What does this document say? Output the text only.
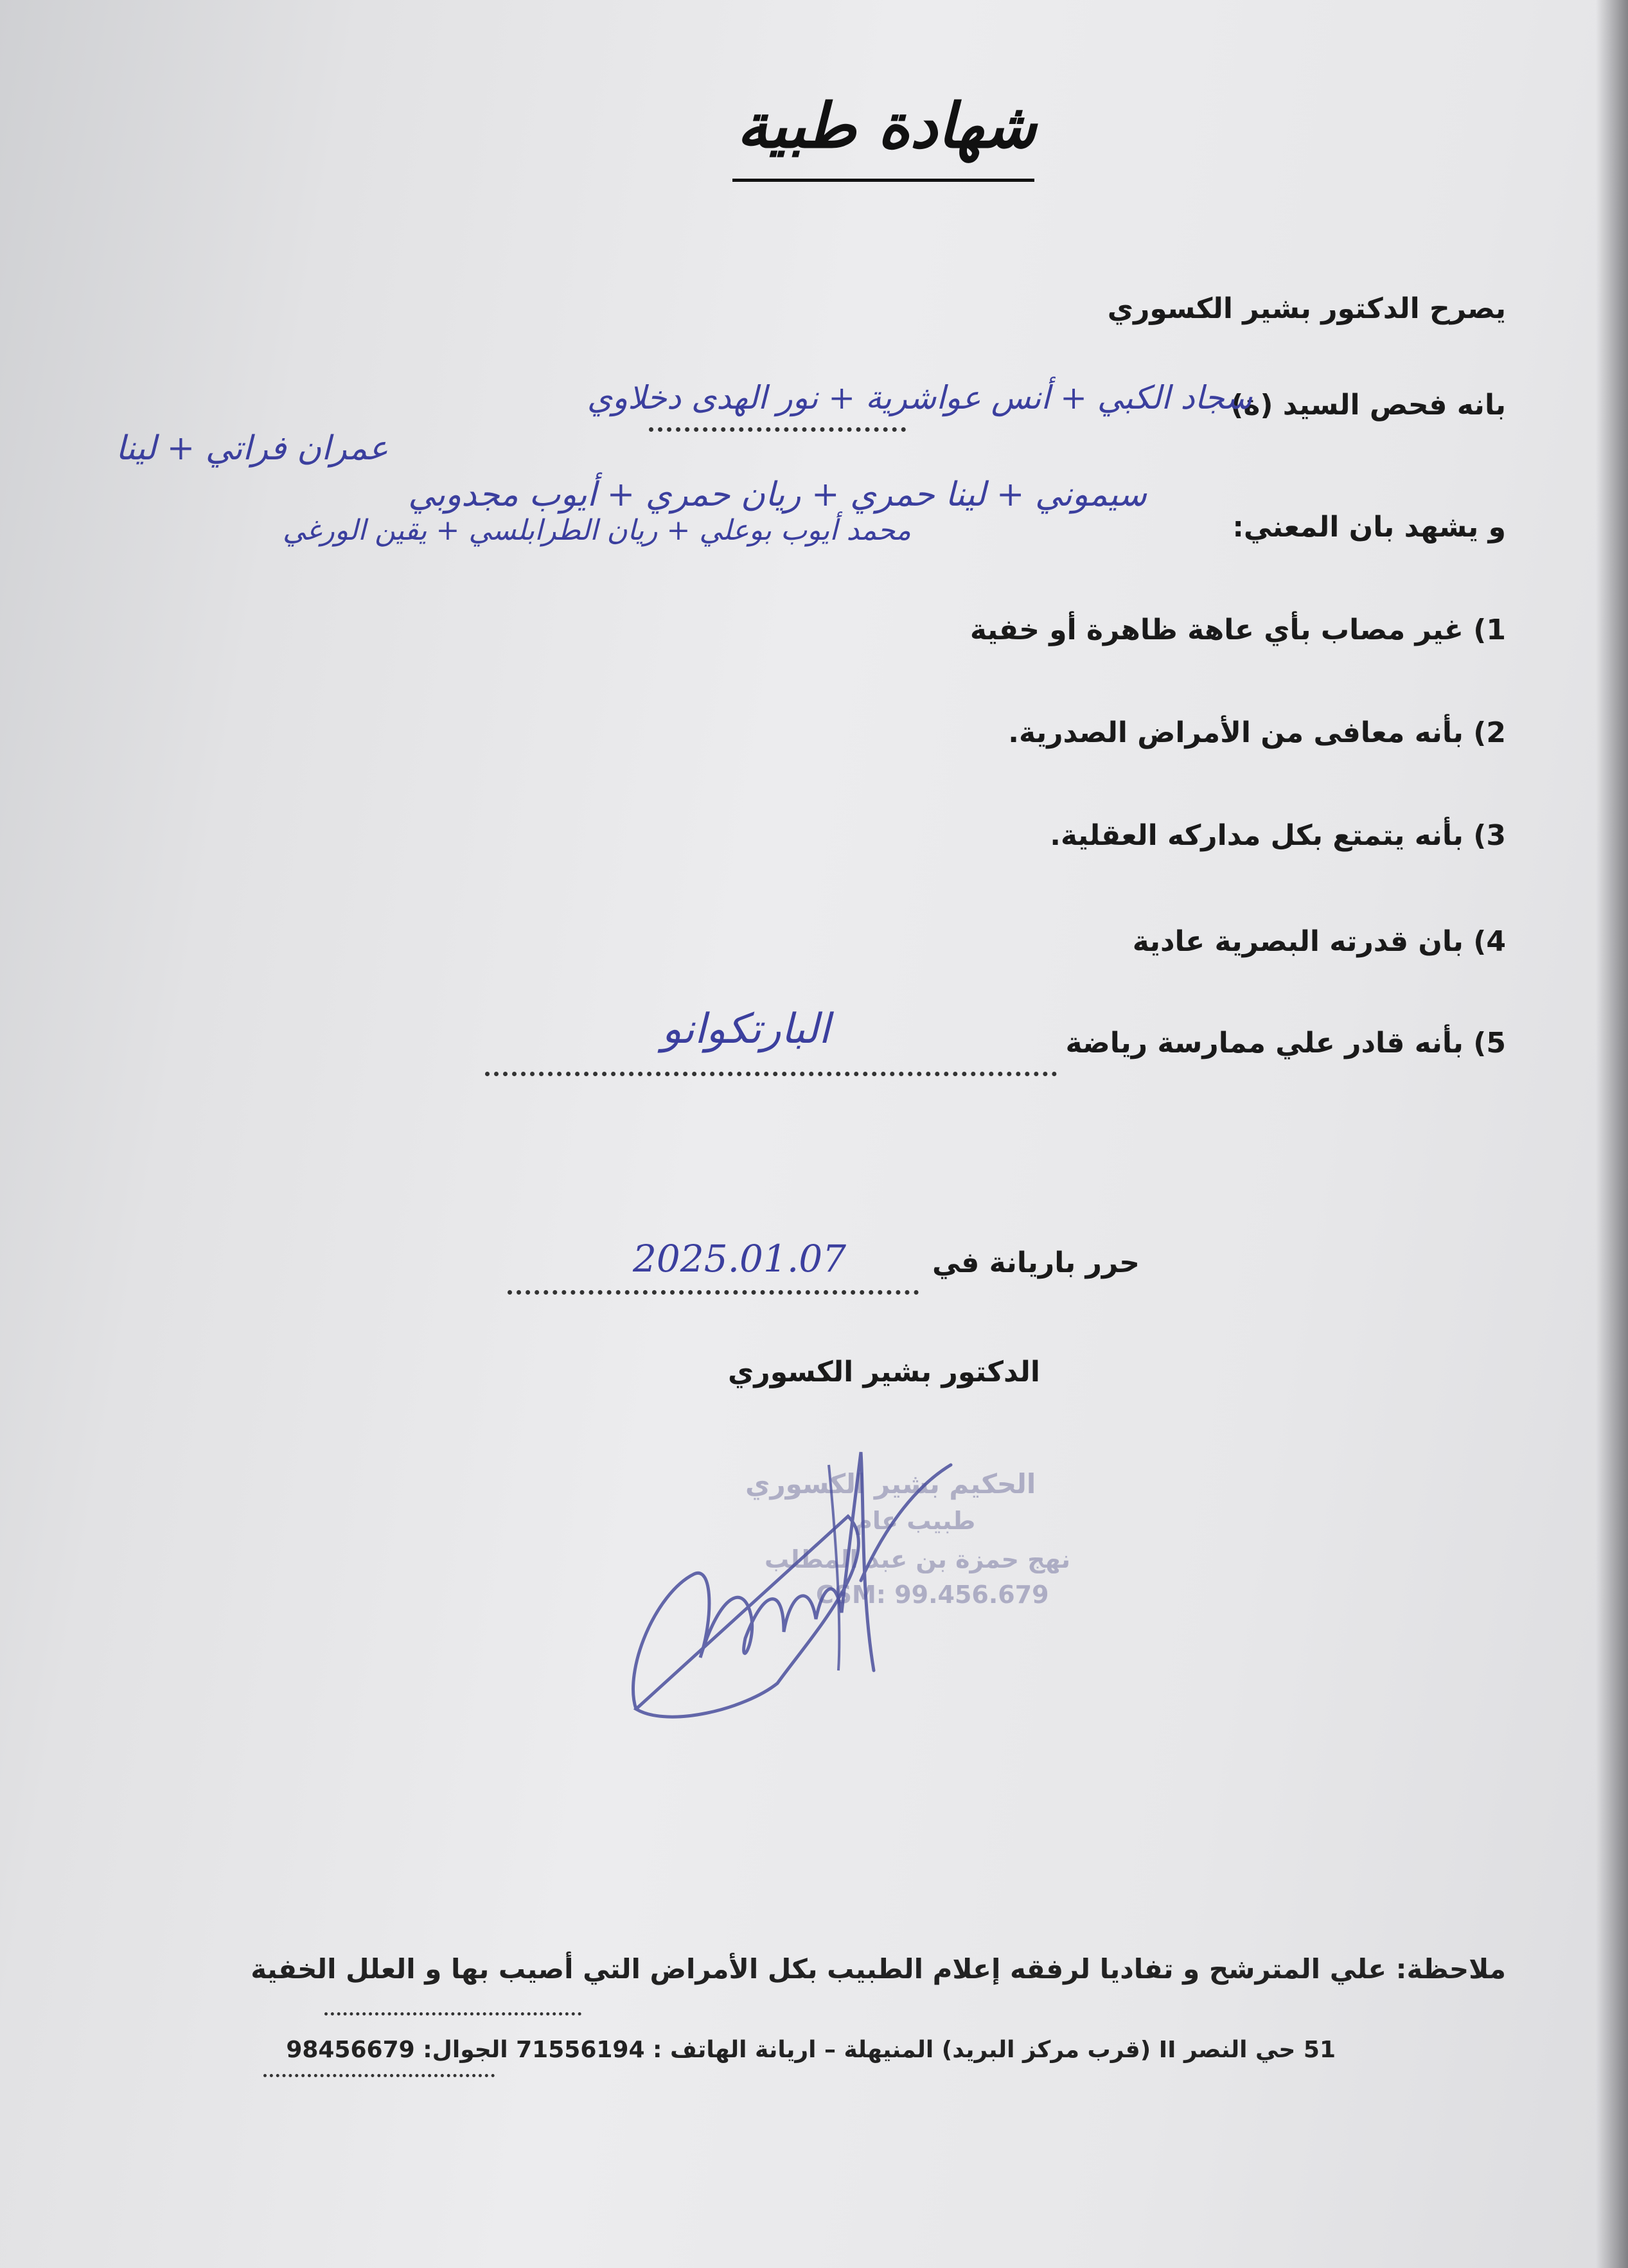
شهادة طبية
يصرح الدكتور بشير الكسوري
بانه فحص السيد (ة)
سجاد الكبي + أنس عواشرية + نور الهدى دخلاوي
عمران فراتي + لينا
سيموني + لينا حمري + ريان حمري + أيوب مجدوبي
و يشهد بان المعني:
محمد أيوب بوعلي + ريان الطرابلسي + يقين الورغي
1) غير مصاب بأي عاهة ظاهرة أو خفية
2) بأنه معافى من الأمراض الصدرية.
3) بأنه يتمتع بكل مداركه العقلية.
4) بان قدرته البصرية عادية
5) بأنه قادر علي ممارسة رياضة
البارتكوانو
حرر باريانة في
2025.01.07
الدكتور بشير الكسوري
الحكيم بشير الكسوري
طبيب عام
نهج حمزة بن عبد المطلب
CSM: 99.456.679
ملاحظة: علي المترشح و تفاديا لرفقه إعلام الطبيب بكل الأمراض التي أصيب بها و العلل الخفية
51 حي النصر II (قرب مركز البريد) المنيهلة – اريانة الهاتف : 71556194 الجوال: 98456679
